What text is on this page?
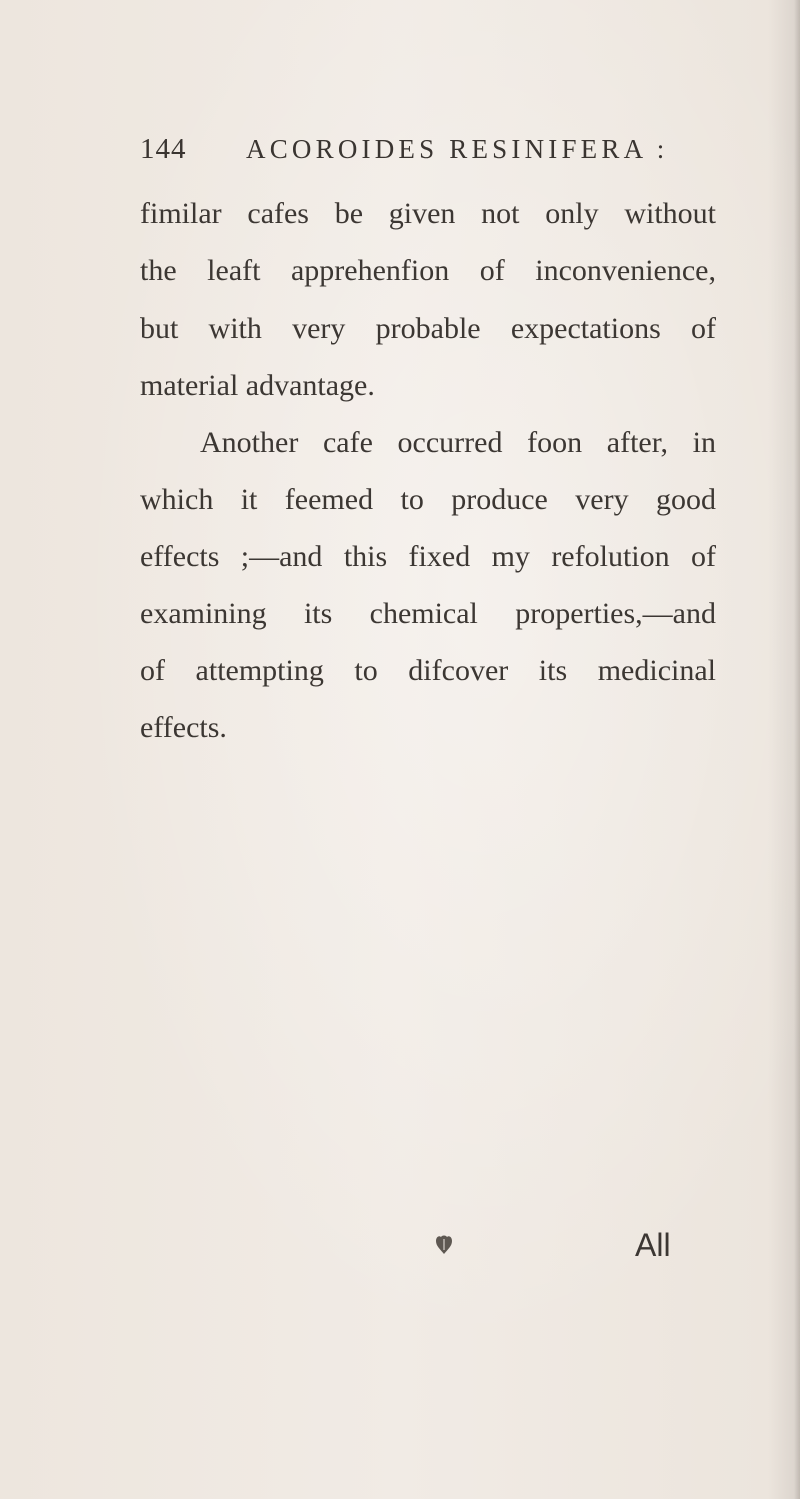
144 ACOROIDES RESINIFERA :
fimilar cafes be given not only without
the leaft apprehenfion of inconvenience,
but with very probable expectations of
material advantage.
Another cafe occurred foon after, in
which it feemed to produce very good
effects ;—and this fixed my refolution of
examining its chemical properties,—and
of attempting to difcover its medicinal
effects.
All
